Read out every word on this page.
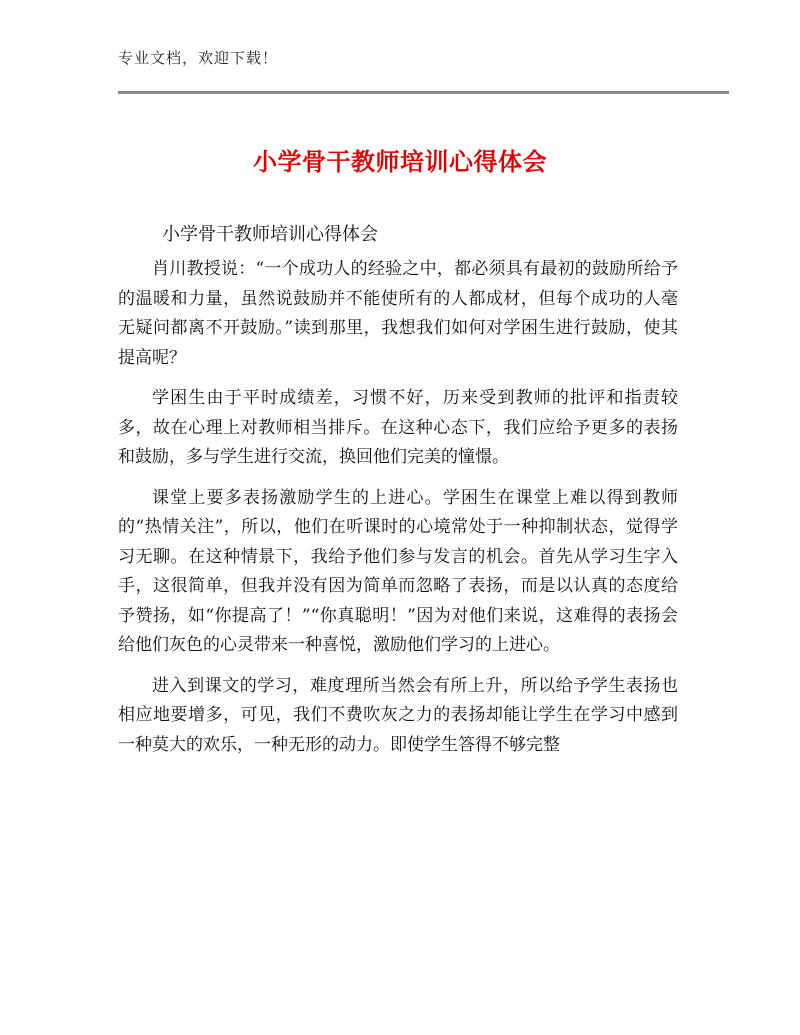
专业文档，欢迎下载！
小学骨干教师培训心得体会
小学骨干教师培训心得体会

肖川教授说：“一个成功人的经验之中，都必须具有最初的鼓励所给予的温暖和力量，虽然说鼓励并不能使所有的人都成材，但每个成功的人毫无疑问都离不开鼓励。”读到那里，我想我们如何对学困生进行鼓励，使其提高呢？

学困生由于平时成绩差，习惯不好，历来受到教师的批评和指责较多，故在心理上对教师相当排斥。在这种心态下，我们应给予更多的表扬和鼓励，多与学生进行交流，换回他们完美的憧憬。

课堂上要多表扬激励学生的上进心。学困生在课堂上难以得到教师的“热情关注”，所以，他们在听课时的心境常处于一种抑制状态，觉得学习无聊。在这种情景下，我给予他们参与发言的机会。首先从学习生字入手，这很简单，但我并没有因为简单而忽略了表扬，而是以认真的态度给予赞扬，如“你提高了！”“你真聪明！”因为对他们来说，这难得的表扬会给他们灰色的心灵带来一种喜悦，激励他们学习的上进心。

进入到课文的学习，难度理所当然会有所上升，所以给予学生表扬也相应地要增多，可见，我们不费吹灰之力的表扬却能让学生在学习中感到一种莫大的欢乐，一种无形的动力。即使学生答得不够完整
